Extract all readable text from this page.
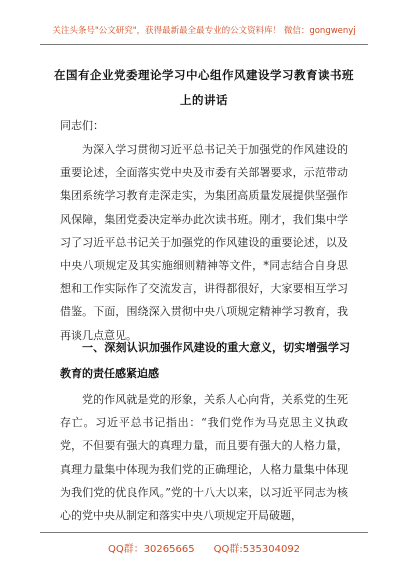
关注头条号"公文研究"，获得最新最全最专业的公文资料库！ 微信：gongwenyj
在国有企业党委理论学习中心组作风建设学习教育读书班
上的讲话
同志们：
为深入学习贯彻习近平总书记关于加强党的作风建设的重要论述，全面落实党中央及市委有关部署要求，示范带动集团系统学习教育走深走实，为集团高质量发展提供坚强作风保障，集团党委决定举办此次读书班。刚才，我们集中学习了习近平总书记关于加强党的作风建设的重要论述，以及中央八项规定及其实施细则精神等文件，*同志结合自身思想和工作实际作了交流发言，讲得都很好，大家要相互学习借鉴。下面，围绕深入贯彻中央八项规定精神学习教育，我再谈几点意见。
一、深刻认识加强作风建设的重大意义，切实增强学习教育的责任感紧迫感
党的作风就是党的形象，关系人心向背，关系党的生死存亡。习近平总书记指出：“我们党作为马克思主义执政党，不但要有强大的真理力量，而且要有强大的人格力量，真理力量集中体现为我们党的正确理论，人格力量集中体现为我们党的优良作风。”党的十八大以来，以习近平同志为核心的党中央从制定和落实中央八项规定开局破题，
QQ群：30265665      QQ群:535304092
